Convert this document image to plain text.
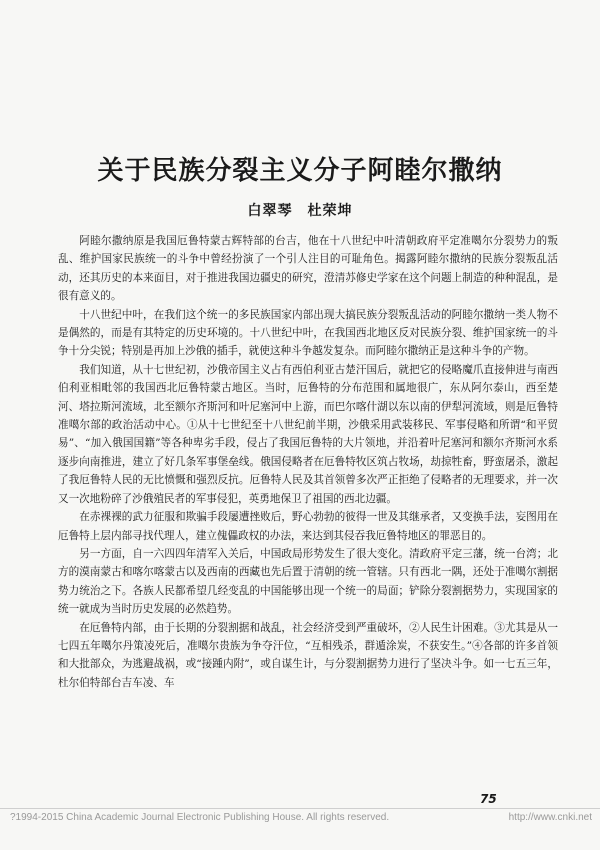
关于民族分裂主义分子阿睦尔撒纳
白翠琴　杜荣坤

阿睦尔撒纳原是我国厄鲁特蒙古辉特部的台吉，他在十八世纪中叶清朝政府平定准噶尔分裂势力的叛乱、维护国家民族统一的斗争中曾经扮演了一个引人注目的可耻角色。揭露阿睦尔撒纳的民族分裂叛乱活动，还其历史的本来面目，对于推进我国边疆史的研究，澄清苏修史学家在这个问题上制造的种种混乱，是很有意义的。

十八世纪中叶，在我们这个统一的多民族国家内部出现大搞民族分裂叛乱活动的阿睦尔撒纳一类人物不是偶然的，而是有其特定的历史环境的。十八世纪中叶，在我国西北地区反对民族分裂、维护国家统一的斗争十分尖锐；特别是再加上沙俄的插手，就使这种斗争越发复杂。而阿睦尔撒纳正是这种斗争的产物。

我们知道，从十七世纪初，沙俄帝国主义占有西伯利亚古楚汗国后，就把它的侵略魔爪直接伸进与南西伯利亚相毗邻的我国西北厄鲁特蒙古地区。当时，厄鲁特的分布范围和属地很广，东从阿尔泰山，西至楚河、塔拉斯河流域，北至额尔齐斯河和叶尼塞河中上游，而巴尔喀什湖以东以南的伊犁河流域，则是厄鲁特准噶尔部的政治活动中心。①从十七世纪至十八世纪前半期，沙俄采用武装移民、军事侵略和所谓“和平贸易”、“加入俄国国籍”等各种卑劣手段，侵占了我国厄鲁特的大片领地，并沿着叶尼塞河和额尔齐斯河水系逐步向南推进，建立了好几条军事堡垒线。俄国侵略者在厄鲁特牧区筑占牧场，劫掠牲畜，野蛮屠杀，激起了我厄鲁特人民的无比愤慨和强烈反抗。厄鲁特人民及其首领曾多次严正拒绝了侵略者的无理要求，并一次又一次地粉碎了沙俄殖民者的军事侵犯，英勇地保卫了祖国的西北边疆。

在赤裸裸的武力征服和欺骗手段屡遭挫败后，野心勃勃的彼得一世及其继承者，又变换手法，妄图用在厄鲁特上层内部寻找代理人，建立傀儡政权的办法，来达到其侵吞我厄鲁特地区的罪恶目的。

另一方面，自一六四四年清军入关后，中国政局形势发生了很大变化。清政府平定三藩，统一台湾；北方的漠南蒙古和喀尔喀蒙古以及西南的西藏也先后置于清朝的统一管辖。只有西北一隅，还处于准噶尔割据势力统治之下。各族人民都希望几经变乱的中国能够出现一个统一的局面；铲除分裂割据势力，实现国家的统一就成为当时历史发展的必然趋势。

在厄鲁特内部，由于长期的分裂割据和战乱，社会经济受到严重破坏，②人民生计困难。③尤其是从一七四五年噶尔丹策凌死后，准噶尔贵族为争夺汗位，“互相残杀，群遁涂炭，不获安生。”④各部的许多首领和大批部众，为逃避战祸，或“接踵内附”，或自谋生计，与分裂割据势力进行了坚决斗争。如一七五三年，杜尔伯特部台吉车凌、车

75
?1994-2015 China Academic Journal Electronic Publishing House. All rights reserved.	http://www.cnki.net
